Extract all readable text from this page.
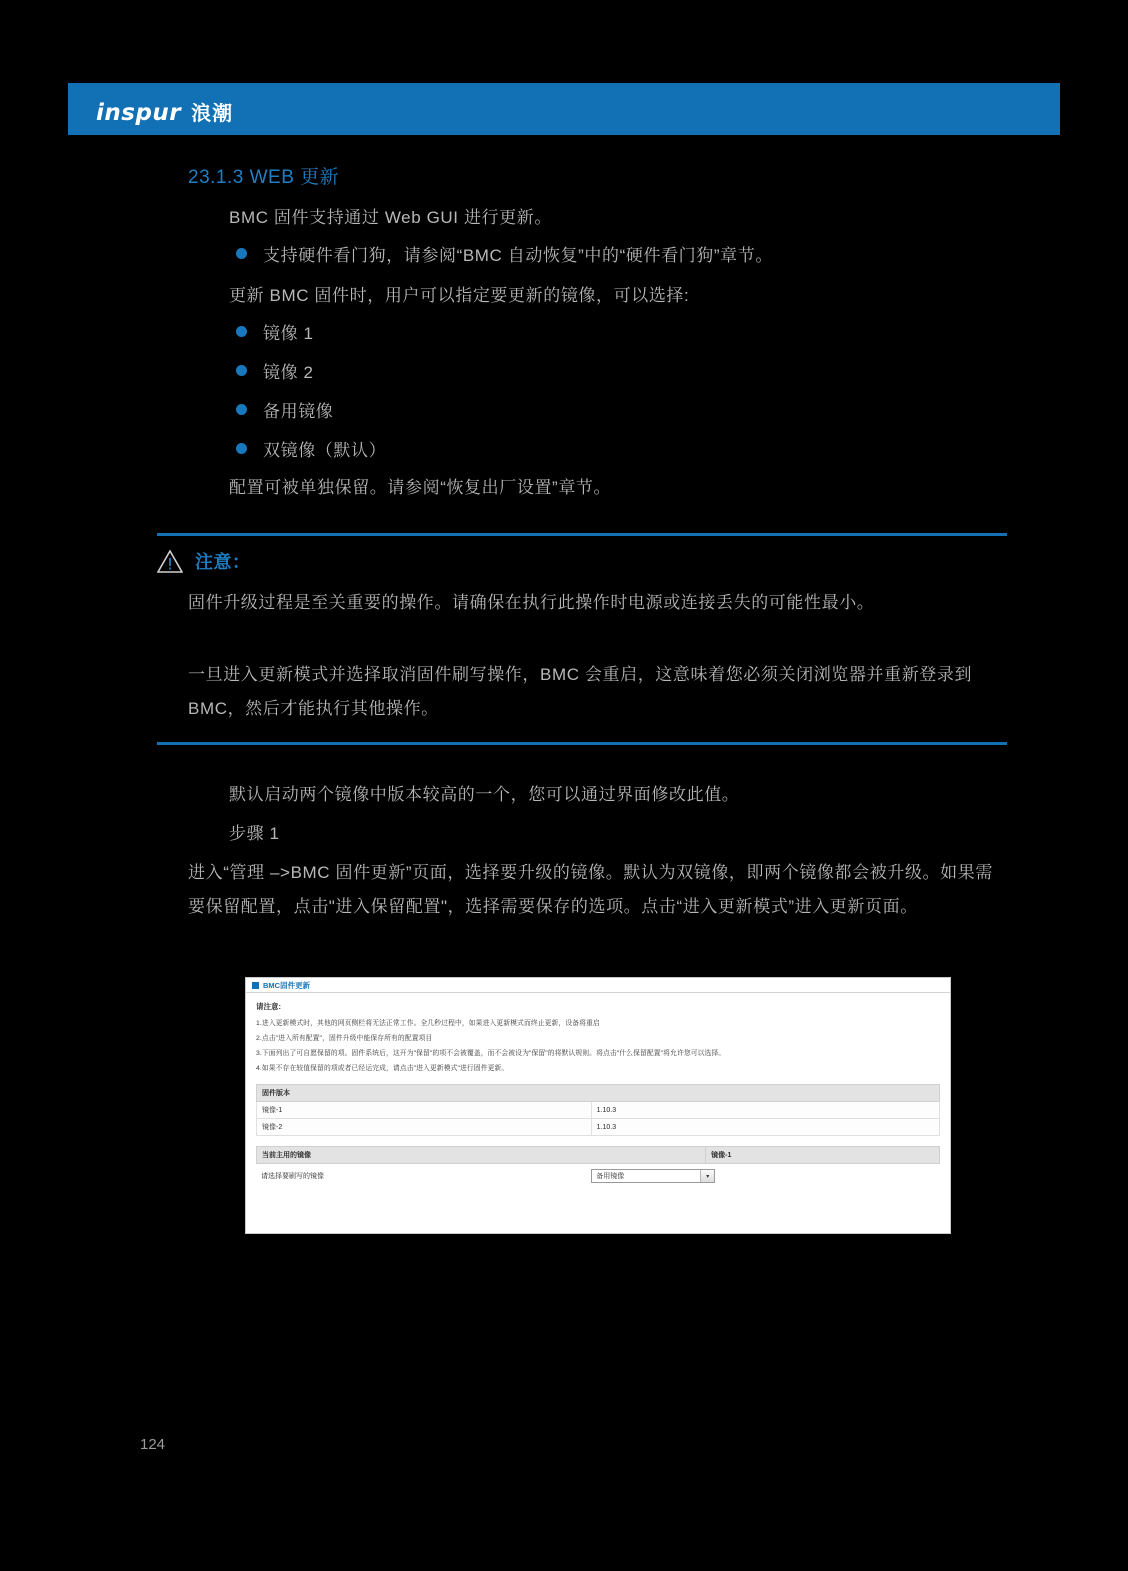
inspur 浪潮
23.1.3 WEB 更新
BMC 固件支持通过 Web GUI 进行更新。
支持硬件看门狗，请参阅“BMC 自动恢复”中的“硬件看门狗”章节。
更新 BMC 固件时，用户可以指定要更新的镜像，可以选择:
镜像 1
镜像 2
备用镜像
双镜像（默认）
配置可被单独保留。请参阅“恢复出厂设置”章节。
注意：
固件升级过程是至关重要的操作。请确保在执行此操作时电源或连接丢失的可能性最小。
一旦进入更新模式并选择取消固件刷写操作，BMC 会重启，这意味着您必须关闭浏览器并重新登录到 BMC，然后才能执行其他操作。
默认启动两个镜像中版本较高的一个，您可以通过界面修改此值。
步骤 1
进入“管理 –>BMC 固件更新”页面，选择要升级的镜像。默认为双镜像，即两个镜像都会被升级。如果需要保留配置，点击"进入保留配置"，选择需要保存的选项。点击“进入更新模式”进入更新页面。
BMC固件更新
请注意:
1.进入更新模式时，其他的网页侧栏将无法正常工作。全几秒过程中，如果进入更新模式而终止更新，设备将重启
2.点击"进入所有配置"，固件升级中能保存所有的配置项目
3.下面列出了可自愿保留的项。固件系统后，这开为"保留"的项不会被覆盖，而不会被设为"保留"的将默认规则。将点击"什么保留配置"将允许您可以选择。
4.如果不存在较值保留的项或者已经运完成，请点击"进入更新模式"进行固件更新。
固件版本	
镜像-1	1.10.3
镜像-2	1.10.3
当前主用的镜像	镜像-1
请选择要刷写的镜像	备用镜像	▾
124
